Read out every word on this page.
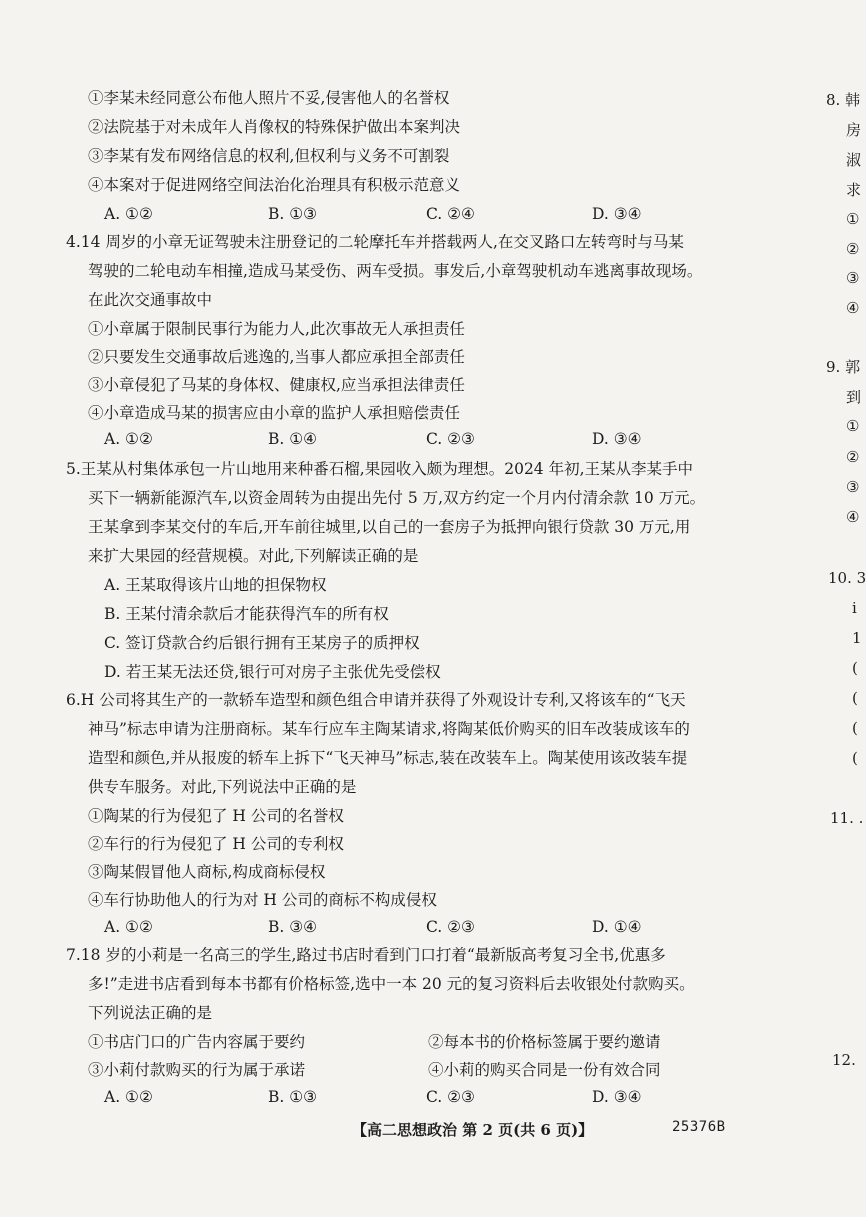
①李某未经同意公布他人照片不妥,侵害他人的名誉权
②法院基于对未成年人肖像权的特殊保护做出本案判决
③李某有发布网络信息的权利,但权利与义务不可割裂
④本案对于促进网络空间法治化治理具有积极示范意义
A. ①②	B. ①③	C. ②④	D. ③④
4.14 周岁的小章无证驾驶未注册登记的二轮摩托车并搭载两人,在交叉路口左转弯时与马某
驾驶的二轮电动车相撞,造成马某受伤、两车受损。事发后,小章驾驶机动车逃离事故现场。
在此次交通事故中
①小章属于限制民事行为能力人,此次事故无人承担责任
②只要发生交通事故后逃逸的,当事人都应承担全部责任
③小章侵犯了马某的身体权、健康权,应当承担法律责任
④小章造成马某的损害应由小章的监护人承担赔偿责任
A. ①②	B. ①④	C. ②③	D. ③④
5.王某从村集体承包一片山地用来种番石榴,果园收入颇为理想。2024 年初,王某从李某手中
买下一辆新能源汽车,以资金周转为由提出先付 5 万,双方约定一个月内付清余款 10 万元。
王某拿到李某交付的车后,开车前往城里,以自己的一套房子为抵押向银行贷款 30 万元,用
来扩大果园的经营规模。对此,下列解读正确的是
A. 王某取得该片山地的担保物权
B. 王某付清余款后才能获得汽车的所有权
C. 签订贷款合约后银行拥有王某房子的质押权
D. 若王某无法还贷,银行可对房子主张优先受偿权
6.H 公司将其生产的一款轿车造型和颜色组合申请并获得了外观设计专利,又将该车的“飞天
神马”标志申请为注册商标。某车行应车主陶某请求,将陶某低价购买的旧车改装成该车的
造型和颜色,并从报废的轿车上拆下“飞天神马”标志,装在改装车上。陶某使用该改装车提
供专车服务。对此,下列说法中正确的是
①陶某的行为侵犯了 H 公司的名誉权
②车行的行为侵犯了 H 公司的专利权
③陶某假冒他人商标,构成商标侵权
④车行协助他人的行为对 H 公司的商标不构成侵权
A. ①②	B. ③④	C. ②③	D. ①④
7.18 岁的小莉是一名高三的学生,路过书店时看到门口打着“最新版高考复习全书,优惠多
多!”走进书店看到每本书都有价格标签,选中一本 20 元的复习资料后去收银处付款购买。
下列说法正确的是
①书店门口的广告内容属于要约	②每本书的价格标签属于要约邀请
③小莉付款购买的行为属于承诺	④小莉的购买合同是一份有效合同
A. ①②	B. ①③	C. ②③	D. ③④
【高二思想政治 第 2 页(共 6 页)】	25376B
8. 韩
房
淑
求
①
②
③
④
9. 郭
到
①
②
③
④
10. 3
i
1
(
(
(
(
11. .
12.
